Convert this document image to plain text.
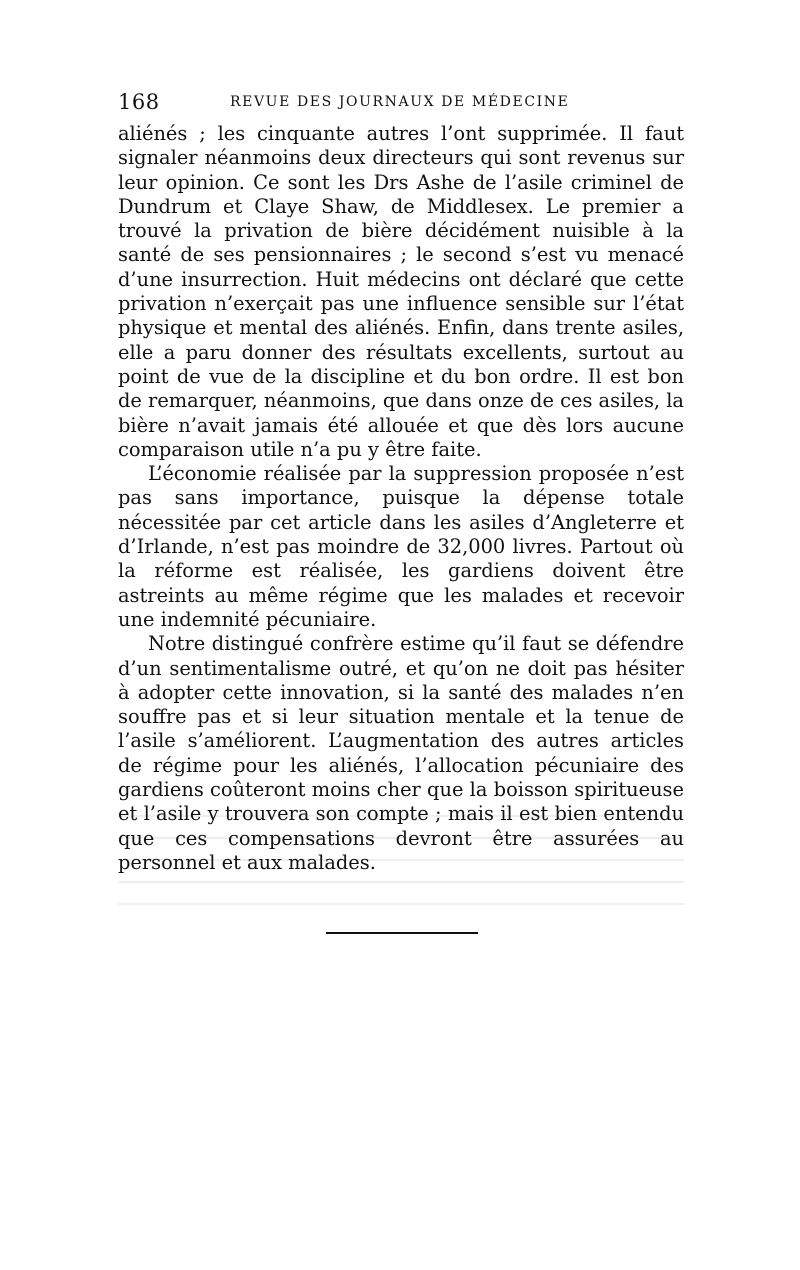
168	REVUE DES JOURNAUX DE MÉDECINE

aliénés ; les cinquante autres l’ont supprimée. Il faut signaler néanmoins deux directeurs qui sont revenus sur leur opinion. Ce sont les Drs Ashe de l’asile criminel de Dundrum et Claye Shaw, de Middlesex. Le premier a trouvé la privation de bière décidément nuisible à la santé de ses pensionnaires ; le second s’est vu menacé d’une insurrection. Huit médecins ont déclaré que cette privation n’exerçait pas une influence sensible sur l’état physique et mental des aliénés. Enfin, dans trente asiles, elle a paru donner des résultats excellents, surtout au point de vue de la discipline et du bon ordre. Il est bon de remarquer, néanmoins, que dans onze de ces asiles, la bière n’avait jamais été allouée et que dès lors aucune comparaison utile n’a pu y être faite.

L’économie réalisée par la suppression proposée n’est pas sans importance, puisque la dépense totale nécessitée par cet article dans les asiles d’Angleterre et d’Irlande, n’est pas moindre de 32,000 livres. Partout où la réforme est réalisée, les gardiens doivent être astreints au même régime que les malades et recevoir une indemnité pécuniaire.

Notre distingué confrère estime qu’il faut se défendre d’un sentimentalisme outré, et qu’on ne doit pas hésiter à adopter cette innovation, si la santé des malades n’en souffre pas et si leur situation mentale et la tenue de l’asile s’améliorent. L’augmentation des autres articles de régime pour les aliénés, l’allocation pécuniaire des gardiens coûteront moins cher que la boisson spiritueuse et l’asile y trouvera son compte ; mais il est bien entendu que ces compensations devront être assurées au personnel et aux malades.
